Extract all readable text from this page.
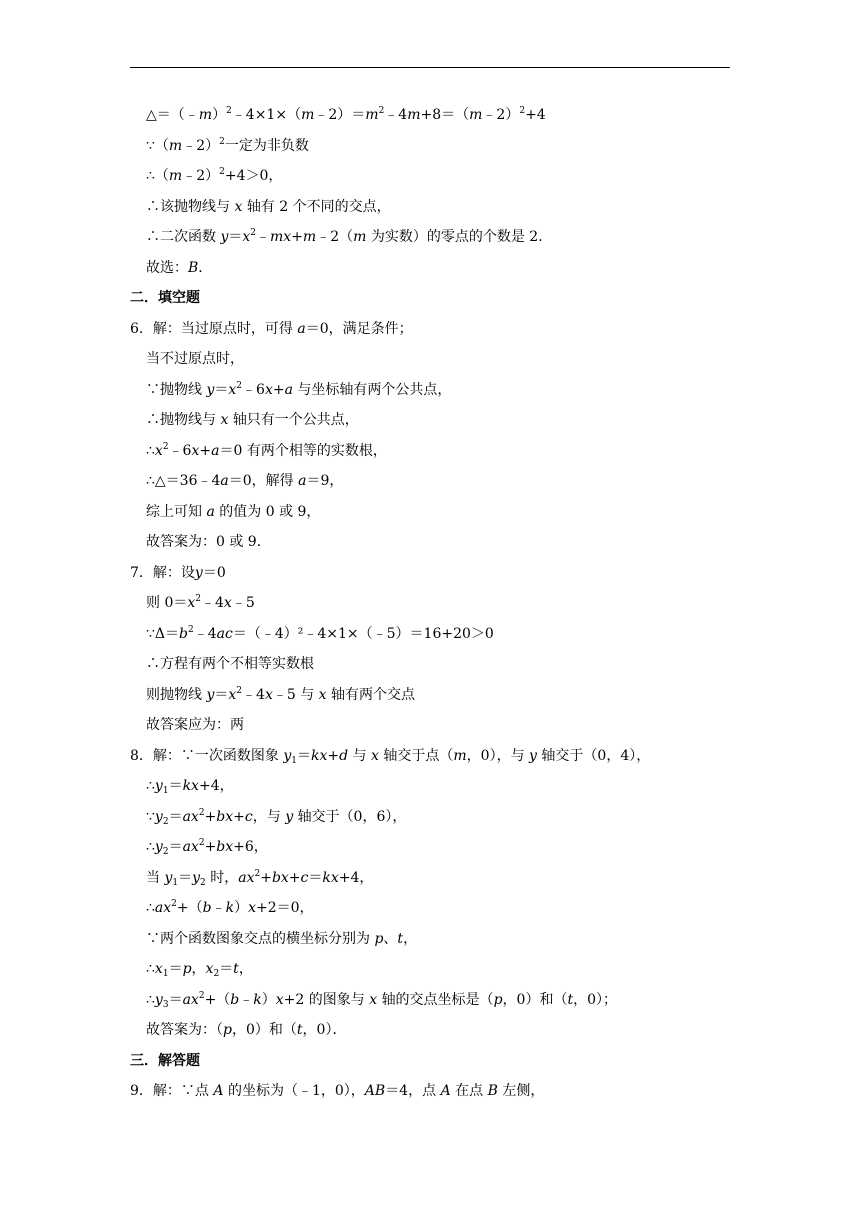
$\triangle=(﹣m)^2﹣4\times 1\times(m﹣2)=m^2﹣4m+8=(m﹣2)^2+4$
∵（m﹣2）$^2$一定为非负数
∴（m﹣2）$^2$+4＞0，
∴该抛物线与 x 轴有 2 个不同的交点，
∴二次函数 $y=x^2﹣mx+m﹣2(m$ 为实数）的零点的个数是 2．
故选：B．
二．填空题
6．解：当过原点时，可得 a＝0，满足条件；
当不过原点时，
∵抛物线 $y=x^2﹣6x+a$ 与坐标轴有两个公共点，
∴抛物线与 x 轴只有一个公共点，
$\therefore x^2﹣6x+a=0$ 有两个相等的实数根，
∴△＝36﹣4a＝0，解得 a＝9，
综上可知 a 的值为 0 或 9，
故答案为：0 或 9．
7．解：设y＝0
则 $0=x^2﹣4x﹣5$
$\because\Delta=b^2﹣4ac=(﹣4)^2﹣4\times 1\times(﹣5)=16+20>0$
∴方程有两个不相等实数根
则抛物线 $y=x^2﹣4x﹣5$ 与 x 轴有两个交点
故答案应为：两
8．解：∵一次函数图象 $y_1=kx+d$ 与 x 轴交于点（m，0），与 y 轴交于（0，4），
$\therefore y_1=kx+4$，
$\because y_2=ax^2+bx+c$，与 y 轴交于（0，6），
$\therefore y_2=ax^2+bx+6$，
当 $y_1=y_2$ 时，$ax^2+bx+c=kx+4$，
$\therefore ax^2+(b﹣k)x+2=0$，
∵两个函数图象交点的横坐标分别为 p、t，
$\therefore x_1=p$，$x_2=t$，
$\therefore y_3=ax^2+(b﹣k)x+2$ 的图象与 x 轴的交点坐标是（p，0）和（t，0）；
故答案为：（p，0）和（t，0）．
三．解答题
9．解：∵点 A 的坐标为（﹣1，0），AB＝4，点 A 在点 B 左侧，
